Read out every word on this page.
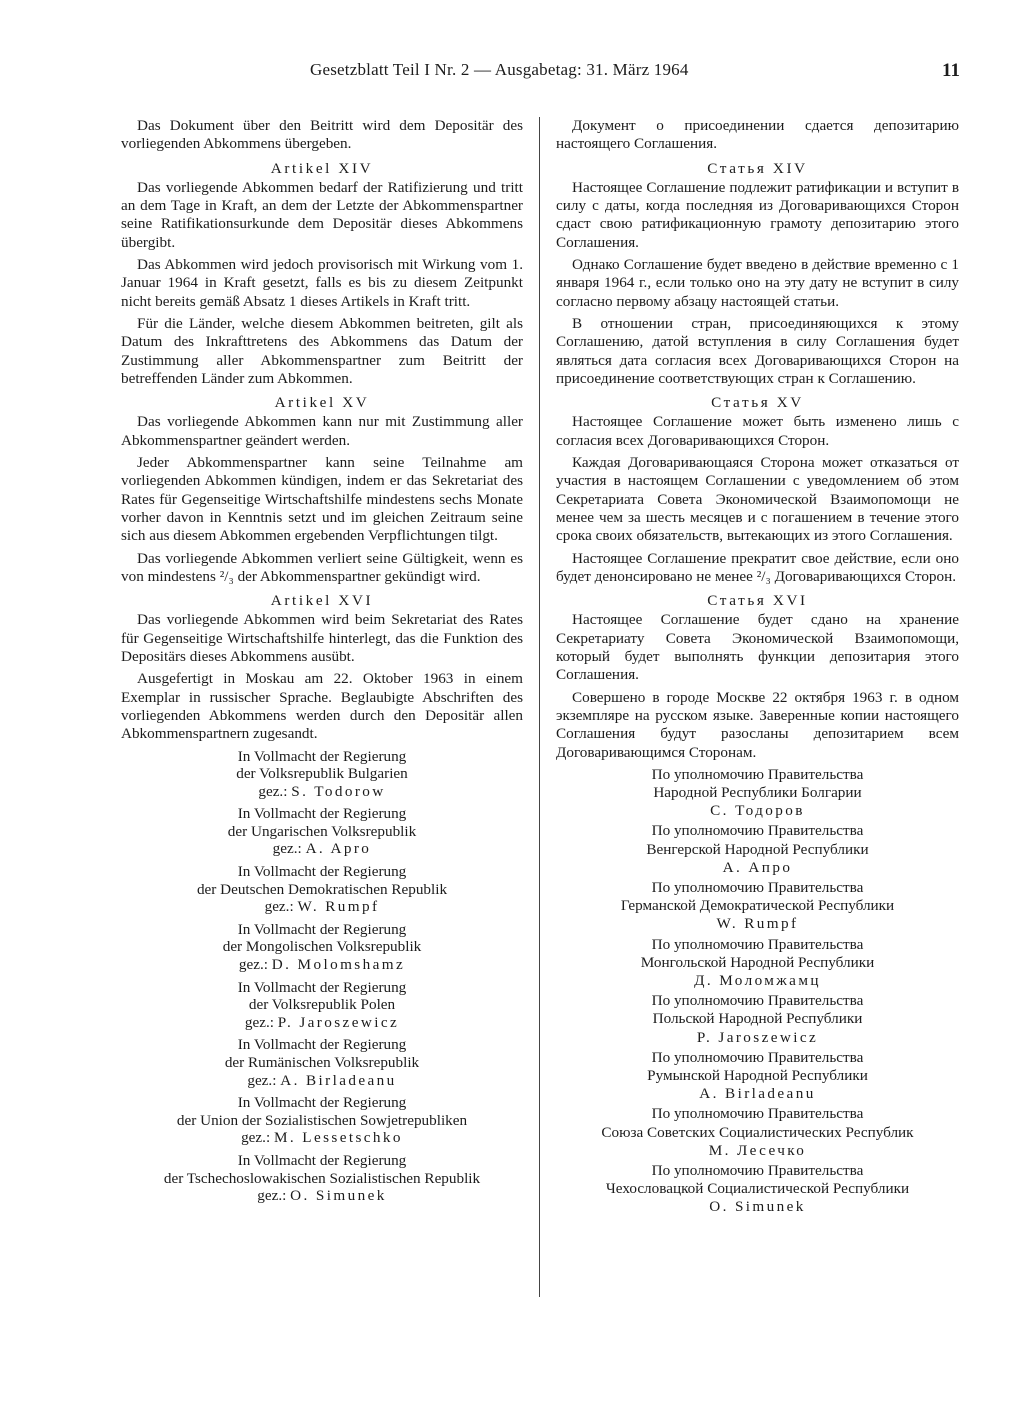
Gesetzblatt Teil I Nr. 2 — Ausgabetag: 31. März 1964	11

Das Dokument über den Beitritt wird dem Depositär des vorliegenden Abkommens übergeben.

Artikel XIV

Das vorliegende Abkommen bedarf der Ratifizierung und tritt an dem Tage in Kraft, an dem der Letzte der Abkommenspartner seine Ratifikationsurkunde dem Depositär dieses Abkommens übergibt.

Das Abkommen wird jedoch provisorisch mit Wirkung vom 1. Januar 1964 in Kraft gesetzt, falls es bis zu diesem Zeitpunkt nicht bereits gemäß Absatz 1 dieses Artikels in Kraft tritt.

Für die Länder, welche diesem Abkommen beitreten, gilt als Datum des Inkrafttretens des Abkommens das Datum der Zustimmung aller Abkommenspartner zum Beitritt der betreffenden Länder zum Abkommen.

Artikel XV

Das vorliegende Abkommen kann nur mit Zustimmung aller Abkommenspartner geändert werden.

Jeder Abkommenspartner kann seine Teilnahme am vorliegenden Abkommen kündigen, indem er das Sekretariat des Rates für Gegenseitige Wirtschaftshilfe mindestens sechs Monate vorher davon in Kenntnis setzt und im gleichen Zeitraum seine sich aus diesem Abkommen ergebenden Verpflichtungen tilgt.

Das vorliegende Abkommen verliert seine Gültigkeit, wenn es von mindestens ²/₃ der Abkommenspartner gekündigt wird.

Artikel XVI

Das vorliegende Abkommen wird beim Sekretariat des Rates für Gegenseitige Wirtschaftshilfe hinterlegt, das die Funktion des Depositärs dieses Abkommens ausübt.

Ausgefertigt in Moskau am 22. Oktober 1963 in einem Exemplar in russischer Sprache. Beglaubigte Abschriften des vorliegenden Abkommens werden durch den Depositär allen Abkommenspartnern zugesandt.

In Vollmacht der Regierung
der Volksrepublik Bulgarien
gez.: S. Todorow
In Vollmacht der Regierung
der Ungarischen Volksrepublik
gez.: A. Apro
In Vollmacht der Regierung
der Deutschen Demokratischen Republik
gez.: W. Rumpf
In Vollmacht der Regierung
der Mongolischen Volksrepublik
gez.: D. Molomshamz
In Vollmacht der Regierung
der Volksrepublik Polen
gez.: P. Jaroszewicz
In Vollmacht der Regierung
der Rumänischen Volksrepublik
gez.: A. Birladeanu
In Vollmacht der Regierung
der Union der Sozialistischen Sowjetrepubliken
gez.: M. Lessetschko
In Vollmacht der Regierung
der Tschechoslowakischen Sozialistischen Republik
gez.: O. Simunek

Документ о присоединении сдается депозитарию настоящего Соглашения.

Статья XIV

Настоящее Соглашение подлежит ратификации и вступит в силу с даты, когда последняя из Договаривающихся Сторон сдаст свою ратификационную грамоту депозитарию этого Соглашения.

Однако Соглашение будет введено в действие временно с 1 января 1964 г., если только оно на эту дату не вступит в силу согласно первому абзацу настоящей статьи.

В отношении стран, присоединяющихся к этому Соглашению, датой вступления в силу Соглашения будет являться дата согласия всех Договаривающихся Сторон на присоединение соответствующих стран к Соглашению.

Статья XV

Настоящее Соглашение может быть изменено лишь с согласия всех Договаривающихся Сторон.

Каждая Договаривающаяся Сторона может отказаться от участия в настоящем Соглашении с уведомлением об этом Секретариата Совета Экономической Взаимопомощи не менее чем за шесть месяцев и с погашением в течение этого срока своих обязательств, вытекающих из этого Соглашения.

Настоящее Соглашение прекратит свое действие, если оно будет денонсировано не менее ²/₃ Договаривающихся Сторон.

Статья XVI

Настоящее Соглашение будет сдано на хранение Секретариату Совета Экономической Взаимопомощи, который будет выполнять функции депозитария этого Соглашения.

Совершено в городе Москве 22 октября 1963 г. в одном экземпляре на русском языке. Заверенные копии настоящего Соглашения будут разосланы депозитарием всем Договаривающимся Сторонам.

По уполномочию Правительства
Народной Республики Болгарии
С. Тодоров
По уполномочию Правительства
Венгерской Народной Республики
А. Апро
По уполномочию Правительства
Германской Демократической Республики
W. Rumpf
По уполномочию Правительства
Монгольской Народной Республики
Д. Моломжамц
По уполномочию Правительства
Польской Народной Республики
P. Jaroszewicz
По уполномочию Правительства
Румынской Народной Республики
A. Birladeanu
По уполномочию Правительства
Союза Советских Социалистических Республик
М. Лесечко
По уполномочию Правительства
Чехословацкой Социалистической Республики
O. Simunek
